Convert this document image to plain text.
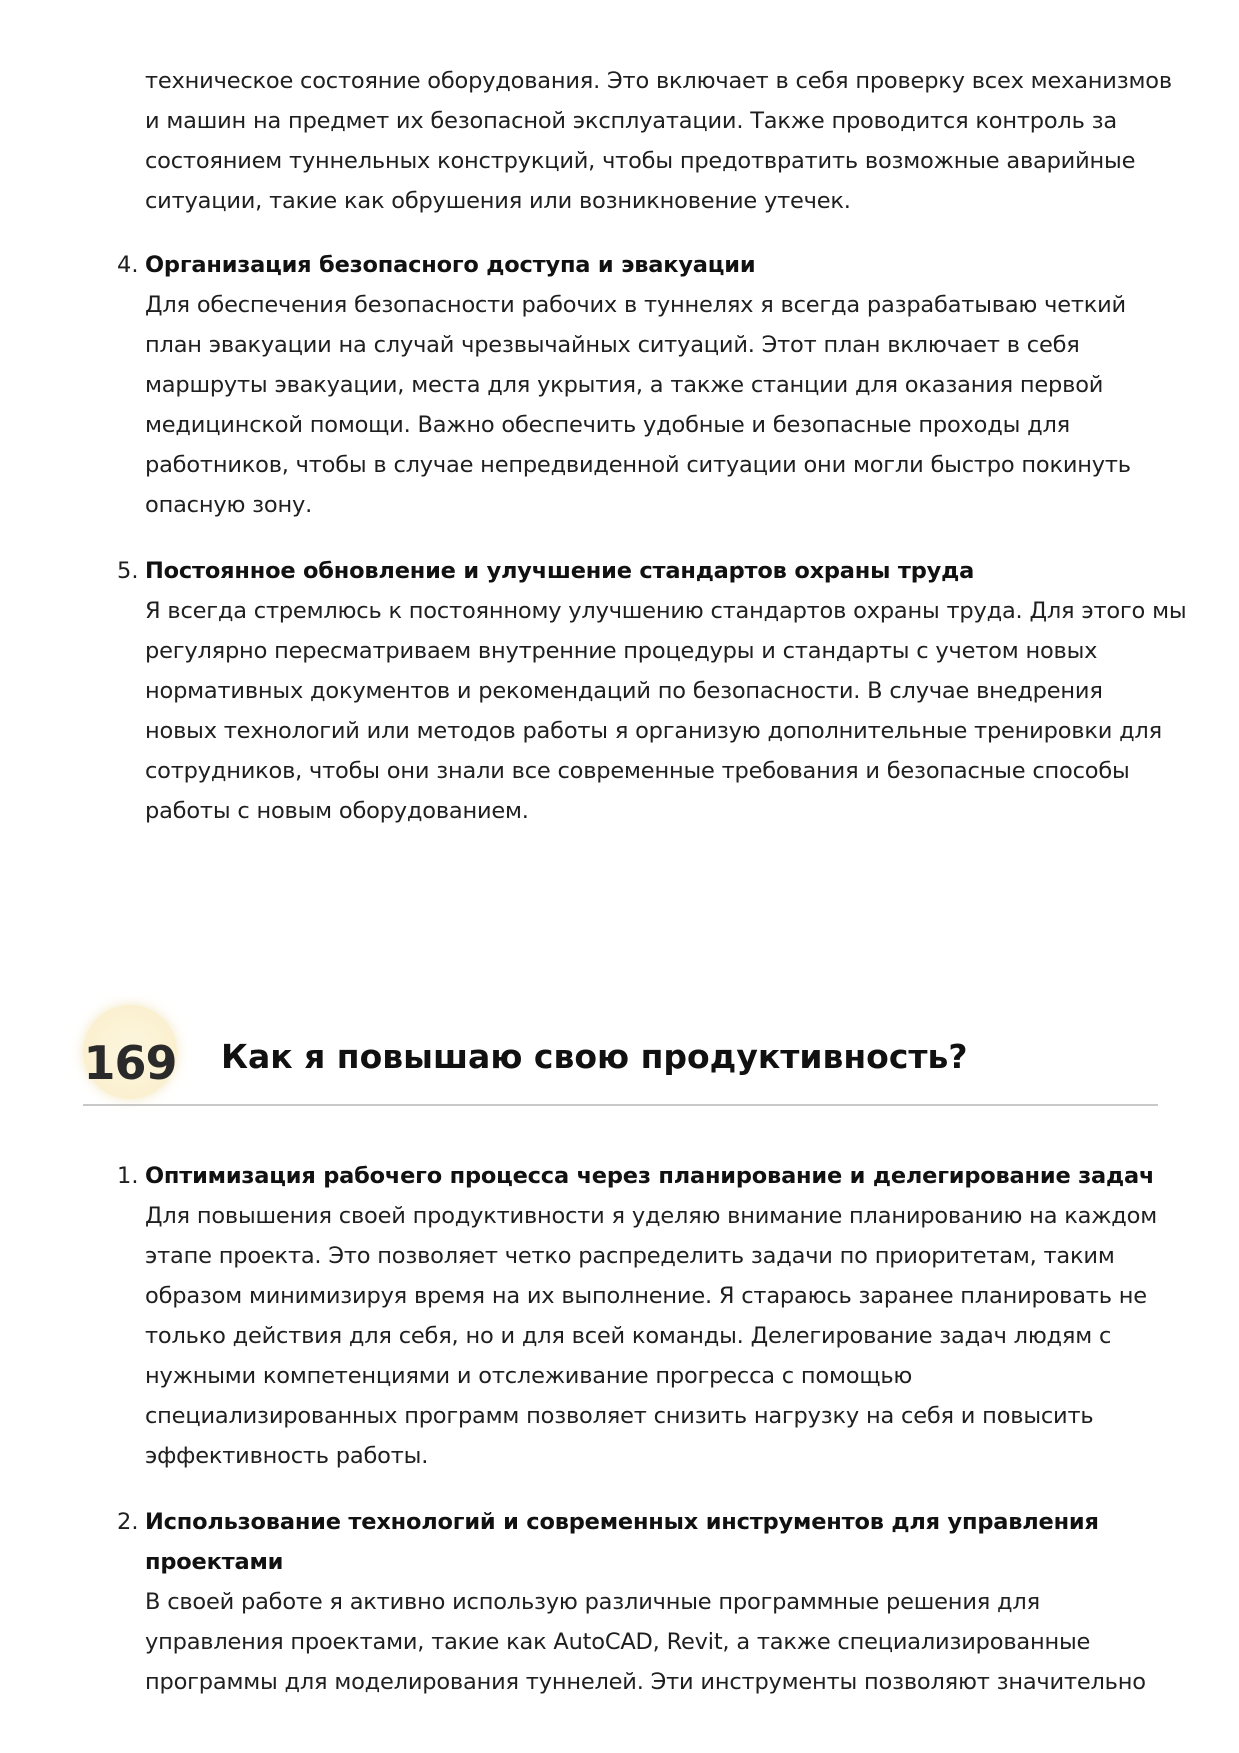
техническое состояние оборудования. Это включает в себя проверку всех механизмов
и машин на предмет их безопасной эксплуатации. Также проводится контроль за
состоянием туннельных конструкций, чтобы предотвратить возможные аварийные
ситуации, такие как обрушения или возникновение утечек.
4. Организация безопасного доступа и эвакуации
Для обеспечения безопасности рабочих в туннелях я всегда разрабатываю четкий
план эвакуации на случай чрезвычайных ситуаций. Этот план включает в себя
маршруты эвакуации, места для укрытия, а также станции для оказания первой
медицинской помощи. Важно обеспечить удобные и безопасные проходы для
работников, чтобы в случае непредвиденной ситуации они могли быстро покинуть
опасную зону.
5. Постоянное обновление и улучшение стандартов охраны труда
Я всегда стремлюсь к постоянному улучшению стандартов охраны труда. Для этого мы
регулярно пересматриваем внутренние процедуры и стандарты с учетом новых
нормативных документов и рекомендаций по безопасности. В случае внедрения
новых технологий или методов работы я организую дополнительные тренировки для
сотрудников, чтобы они знали все современные требования и безопасные способы
работы с новым оборудованием.
169 Как я повышаю свою продуктивность?
1. Оптимизация рабочего процесса через планирование и делегирование задач
Для повышения своей продуктивности я уделяю внимание планированию на каждом
этапе проекта. Это позволяет четко распределить задачи по приоритетам, таким
образом минимизируя время на их выполнение. Я стараюсь заранее планировать не
только действия для себя, но и для всей команды. Делегирование задач людям с
нужными компетенциями и отслеживание прогресса с помощью
специализированных программ позволяет снизить нагрузку на себя и повысить
эффективность работы.
2. Использование технологий и современных инструментов для управления
проектами
В своей работе я активно использую различные программные решения для
управления проектами, такие как AutoCAD, Revit, а также специализированные
программы для моделирования туннелей. Эти инструменты позволяют значительно
